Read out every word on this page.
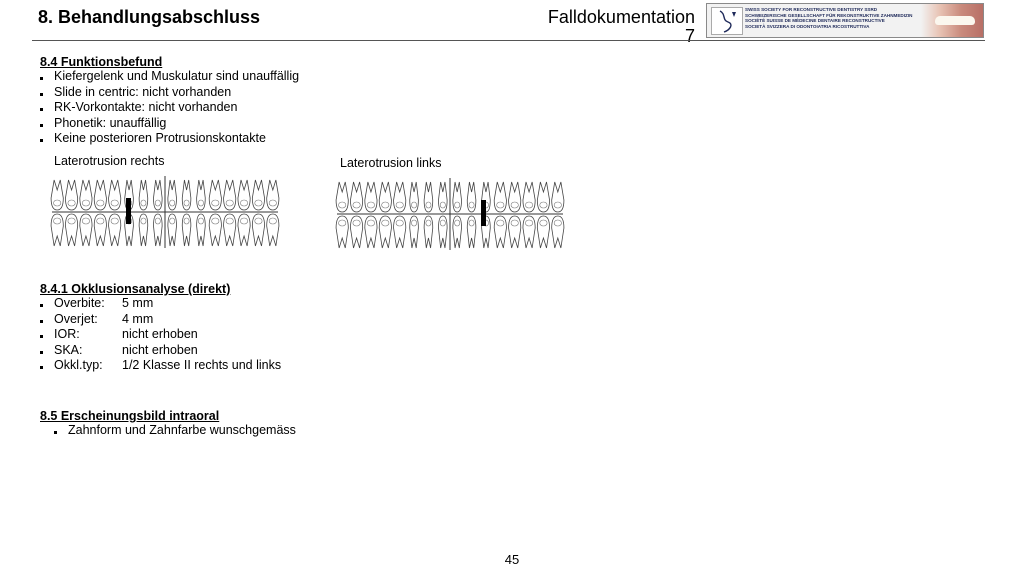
8. Behandlungsabschluss	Falldokumentation
7
SWISS SOCIETY FOR RECONSTRUCTIVE DENTISTRY SSRD
SCHWEIZERISCHE GESELLSCHAFT FÜR REKONSTRUKTIVE ZAHNMEDIZIN
SOCIÉTÉ SUISSE DE MÉDECINE DENTAIRE RECONSTRUCTIVE
SOCIETÀ SVIZZERA DI ODONTOIATRIA RICOSTRUTTIVA
8.4 Funktionsbefund
Kiefergelenk und Muskulatur sind unauffällig
Slide in centric: nicht vorhanden
RK-Vorkontakte: nicht vorhanden
Phonetik: unauffällig
Keine posterioren Protrusionskontakte
Laterotrusion rechts	Laterotrusion links
8.4.1 Okklusionsanalyse (direkt)
Overbite: 5 mm
Overjet: 4 mm
IOR:	nicht erhoben
SKA:	nicht erhoben
Okkl.typ: 1/2 Klasse II rechts und links
8.5 Erscheinungsbild intraoral
Zahnform und Zahnfarbe wunschgemäss
45
